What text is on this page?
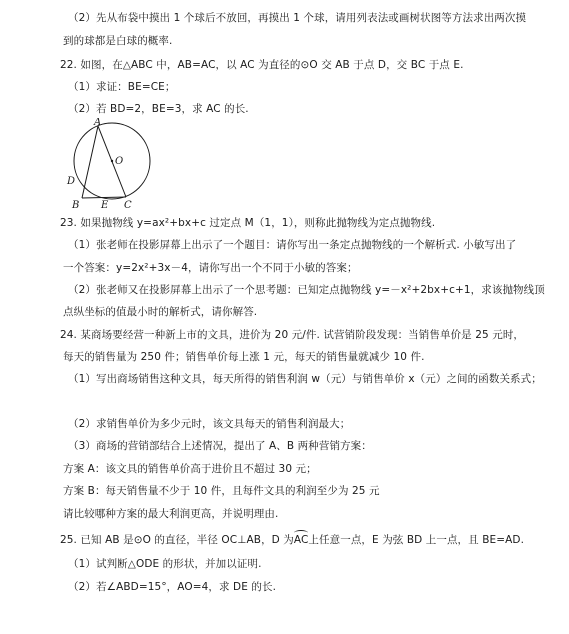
（2）先从布袋中摸出 1 个球后不放回，再摸出 1 个球，请用列表法或画树状图等方法求出两次摸
到的球都是白球的概率.
22. 如图，在△ABC 中，AB=AC，以 AC 为直径的⊙O 交 AB 于点 D，交 BC 于点 E.
（1）求证：BE=CE；
（2）若 BD=2，BE=3，求 AC 的长.
A
O
D
B E C
23. 如果抛物线 y=ax²+bx+c 过定点 M（1，1），则称此抛物线为定点抛物线.
（1）张老师在投影屏幕上出示了一个题目：请你写出一条定点抛物线的一个解析式. 小敏写出了
一个答案：y=2x²+3x－4，请你写出一个不同于小敏的答案；
（2）张老师又在投影屏幕上出示了一个思考题：已知定点抛物线 y=－x²+2bx+c+1，求该抛物线顶
点纵坐标的值最小时的解析式，请你解答.
24. 某商场要经营一种新上市的文具，进价为 20 元/件. 试营销阶段发现：当销售单价是 25 元时，
每天的销售量为 250 件；销售单价每上涨 1 元，每天的销售量就减少 10 件.
（1）写出商场销售这种文具，每天所得的销售利润 w（元）与销售单价 x（元）之间的函数关系式；
（2）求销售单价为多少元时，该文具每天的销售利润最大；
（3）商场的营销部结合上述情况，提出了 A、B 两种营销方案：
方案 A：该文具的销售单价高于进价且不超过 30 元；
方案 B：每天销售量不少于 10 件，且每件文具的利润至少为 25 元
请比较哪种方案的最大利润更高，并说明理由.
25. 已知 AB 是⊙O 的直径，半径 OC⊥AB，D 为AC上任意一点，E 为弦 BD 上一点，且 BE=AD.
（1）试判断△ODE 的形状，并加以证明.
（2）若∠ABD=15°，AO=4，求 DE 的长.
